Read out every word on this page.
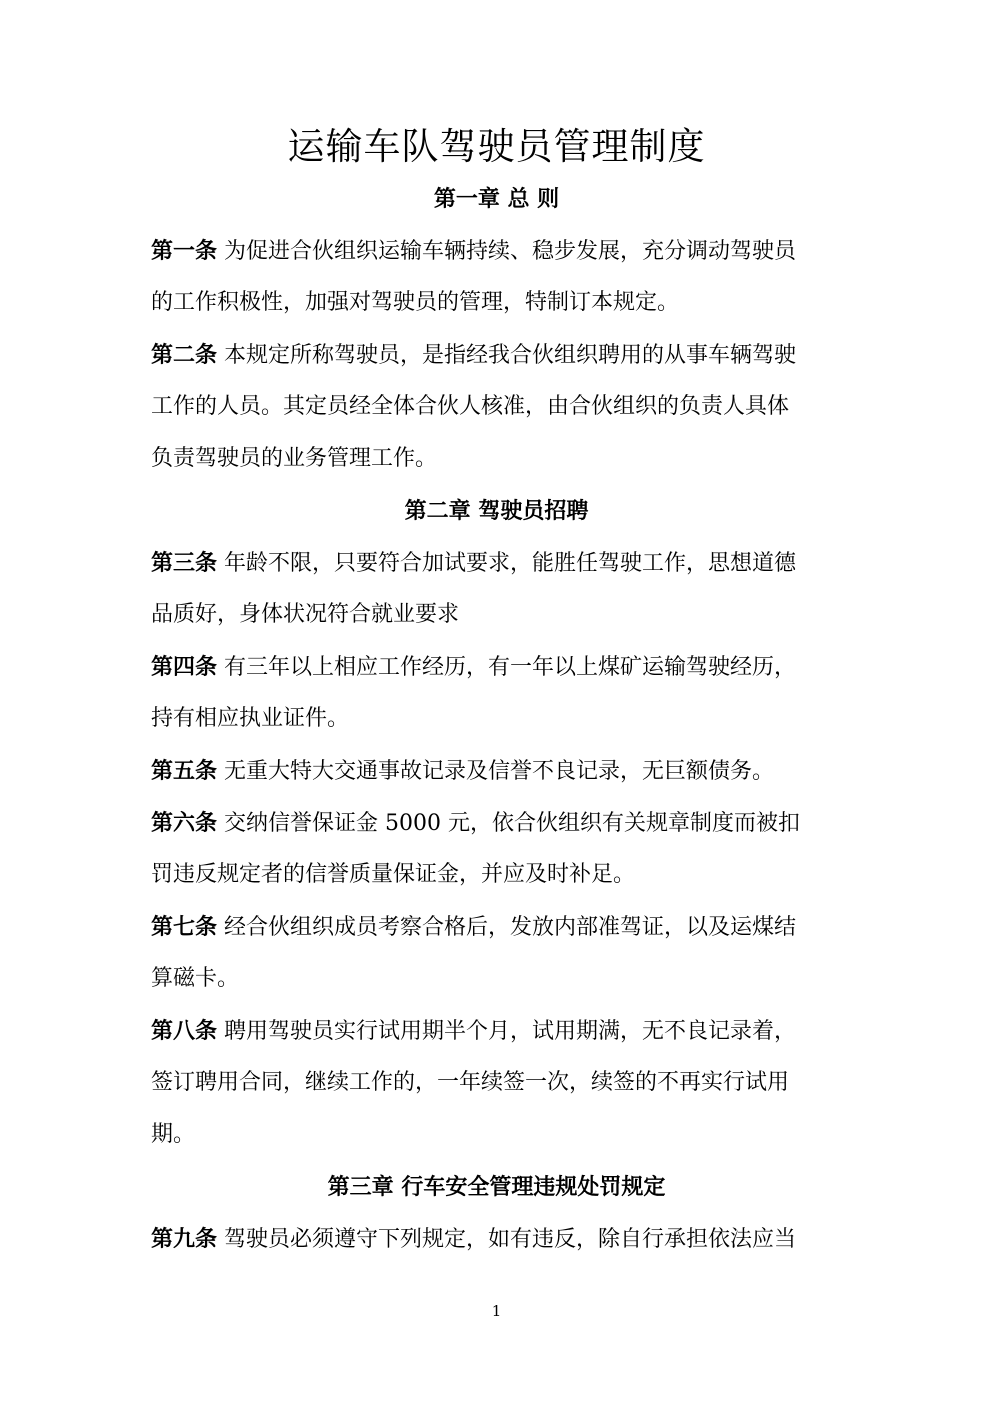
运输车队驾驶员管理制度
第一章 总 则
第一条 为促进合伙组织运输车辆持续、稳步发展，充分调动驾驶员
的工作积极性，加强对驾驶员的管理，特制订本规定。
第二条 本规定所称驾驶员，是指经我合伙组织聘用的从事车辆驾驶
工作的人员。其定员经全体合伙人核准，由合伙组织的负责人具体
负责驾驶员的业务管理工作。
第二章 驾驶员招聘
第三条 年龄不限，只要符合加试要求，能胜任驾驶工作，思想道德
品质好，身体状况符合就业要求
第四条 有三年以上相应工作经历，有一年以上煤矿运输驾驶经历，
持有相应执业证件。
第五条 无重大特大交通事故记录及信誉不良记录，无巨额债务。
第六条 交纳信誉保证金 5000 元，依合伙组织有关规章制度而被扣
罚违反规定者的信誉质量保证金，并应及时补足。
第七条 经合伙组织成员考察合格后，发放内部准驾证，以及运煤结
算磁卡。
第八条 聘用驾驶员实行试用期半个月，试用期满，无不良记录着，
签订聘用合同，继续工作的，一年续签一次，续签的不再实行试用
期。
第三章 行车安全管理违规处罚规定
第九条 驾驶员必须遵守下列规定，如有违反，除自行承担依法应当
1
